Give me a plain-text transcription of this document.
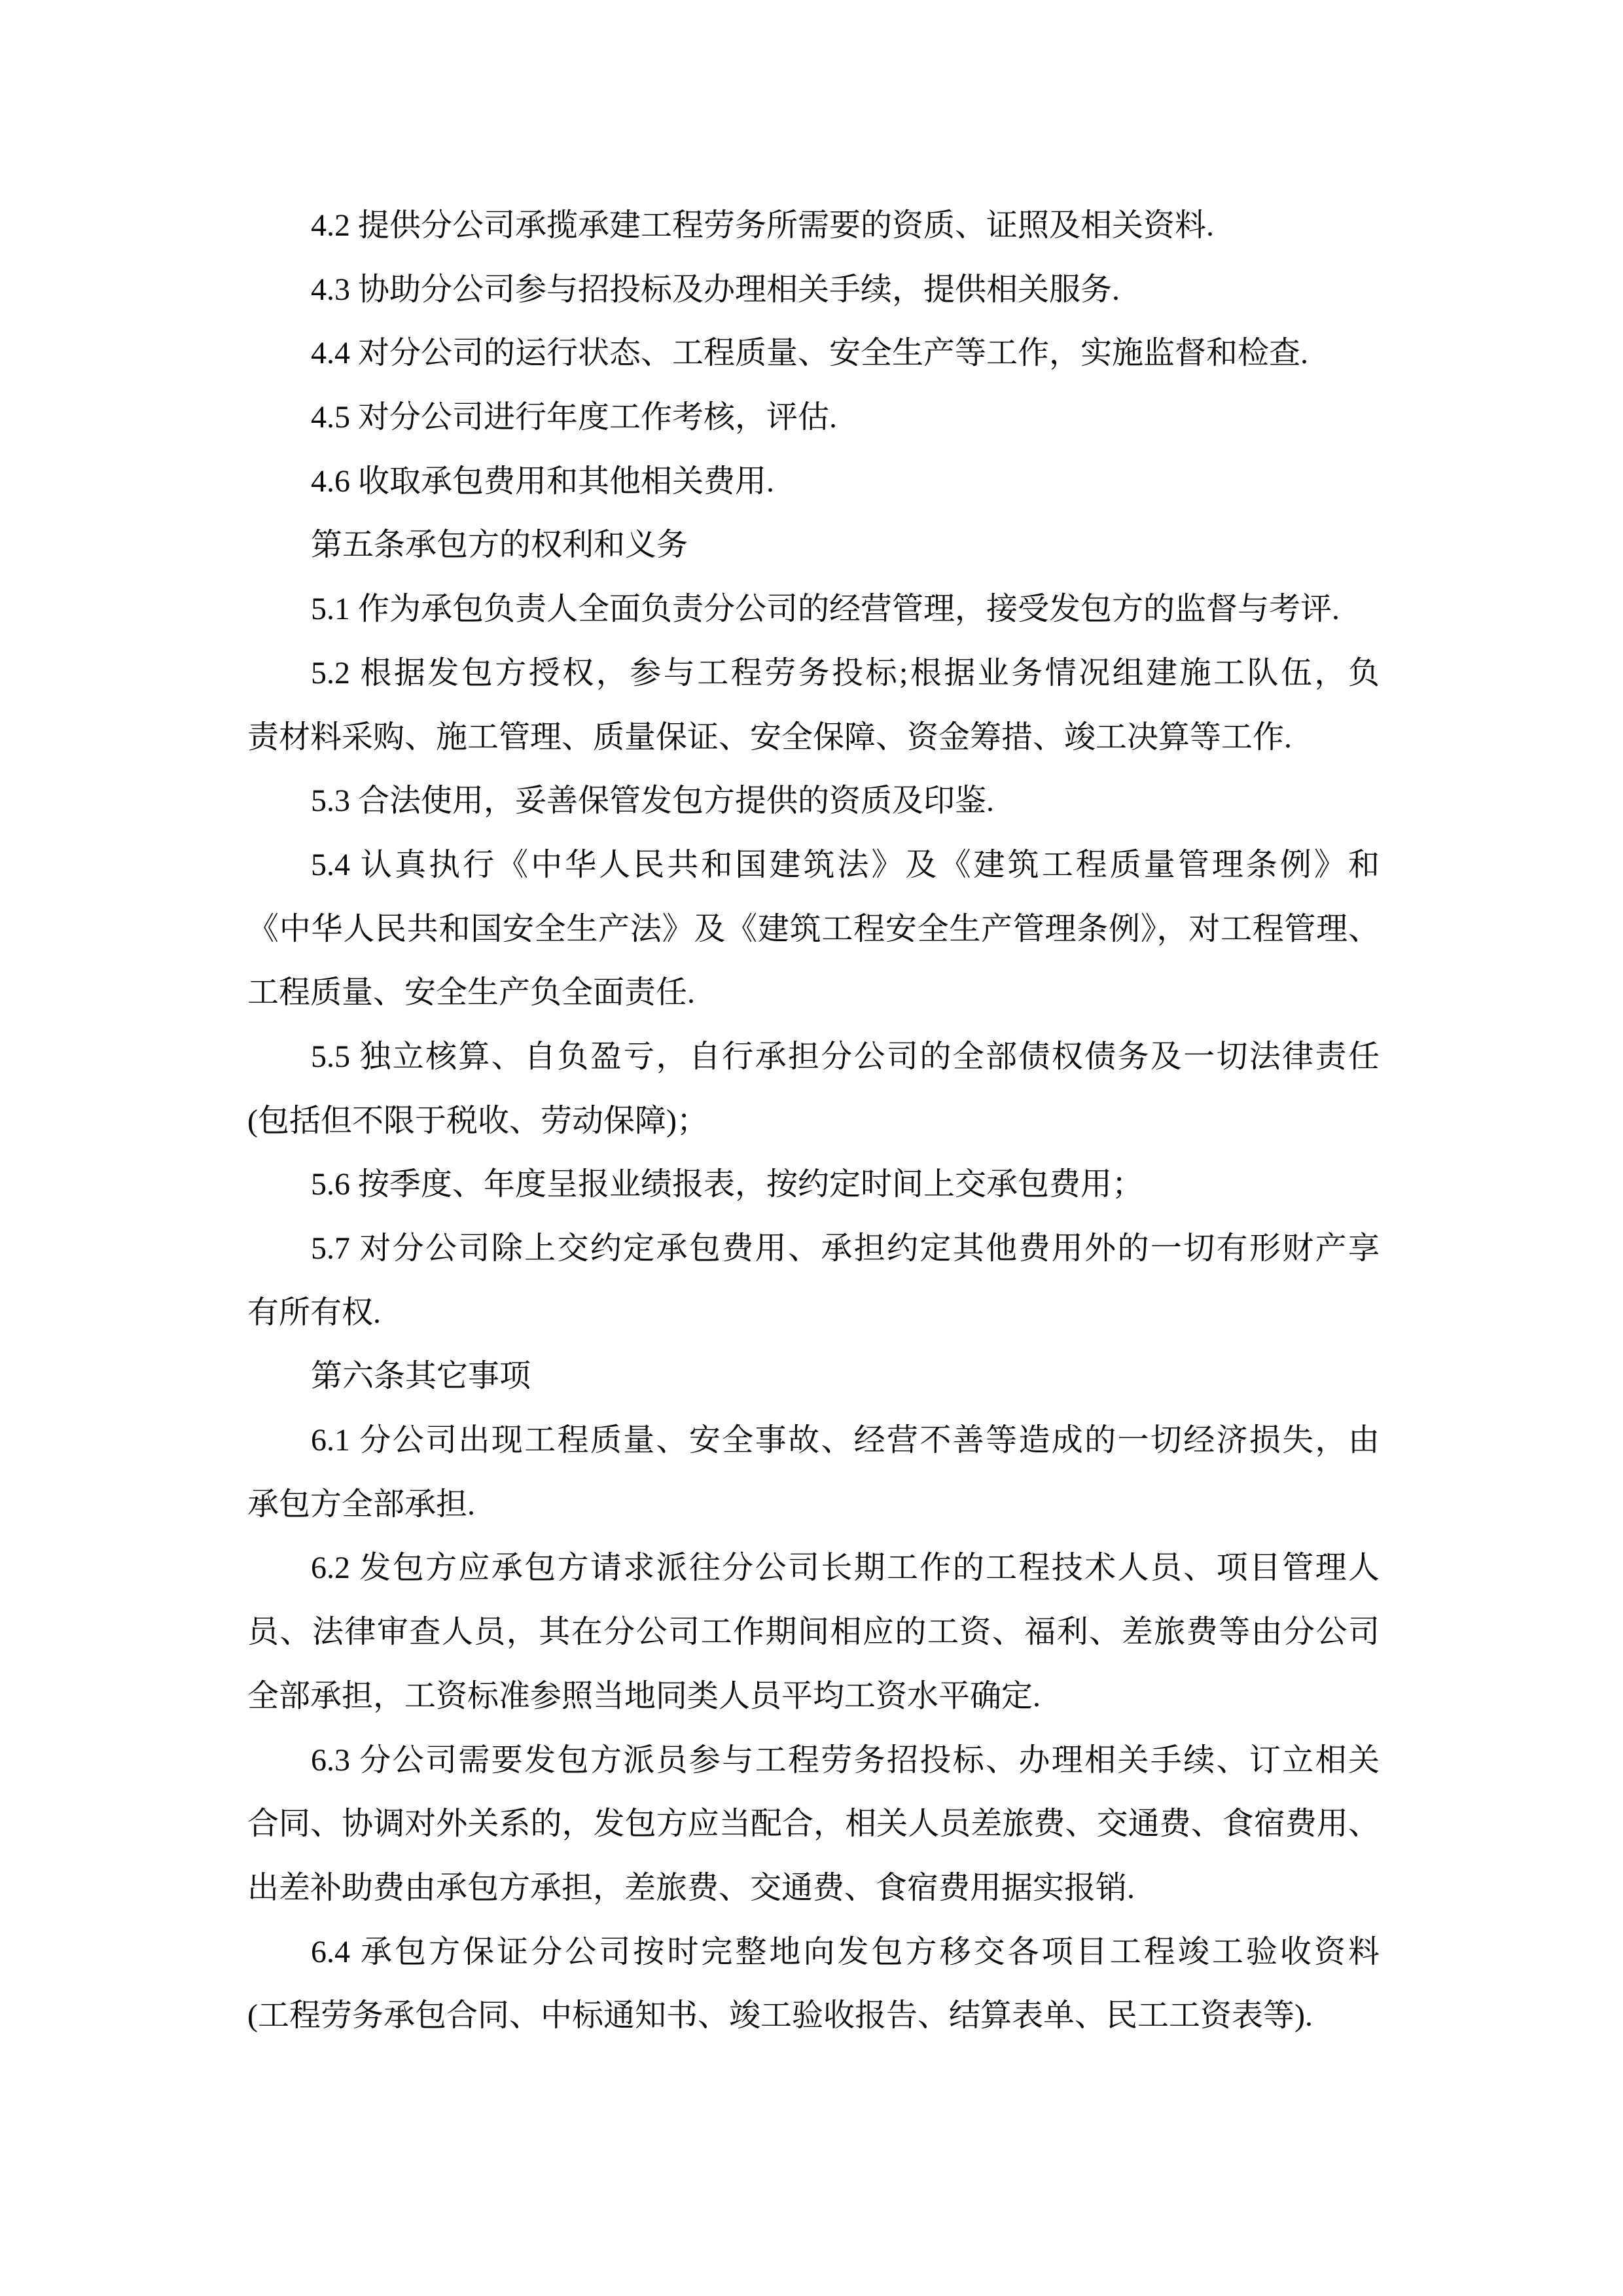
4.2 提供分公司承揽承建工程劳务所需要的资质、证照及相关资料.
4.3 协助分公司参与招投标及办理相关手续，提供相关服务.
4.4 对分公司的运行状态、工程质量、安全生产等工作，实施监督和检查.
4.5 对分公司进行年度工作考核，评估.
4.6 收取承包费用和其他相关费用.
第五条承包方的权利和义务
5.1 作为承包负责人全面负责分公司的经营管理，接受发包方的监督与考评.
5.2 根据发包方授权，参与工程劳务投标;根据业务情况组建施工队伍，负
责材料采购、施工管理、质量保证、安全保障、资金筹措、竣工决算等工作.
5.3 合法使用，妥善保管发包方提供的资质及印鉴.
5.4 认真执行《中华人民共和国建筑法》及《建筑工程质量管理条例》和
《中华人民共和国安全生产法》及《建筑工程安全生产管理条例》，对工程管理、
工程质量、安全生产负全面责任.
5.5 独立核算、自负盈亏，自行承担分公司的全部债权债务及一切法律责任
(包括但不限于税收、劳动保障)；
5.6 按季度、年度呈报业绩报表，按约定时间上交承包费用；
5.7 对分公司除上交约定承包费用、承担约定其他费用外的一切有形财产享
有所有权.
第六条其它事项
6.1 分公司出现工程质量、安全事故、经营不善等造成的一切经济损失，由
承包方全部承担.
6.2 发包方应承包方请求派往分公司长期工作的工程技术人员、项目管理人
员、法律审查人员，其在分公司工作期间相应的工资、福利、差旅费等由分公司
全部承担，工资标准参照当地同类人员平均工资水平确定.
6.3 分公司需要发包方派员参与工程劳务招投标、办理相关手续、订立相关
合同、协调对外关系的，发包方应当配合，相关人员差旅费、交通费、食宿费用、
出差补助费由承包方承担，差旅费、交通费、食宿费用据实报销.
6.4 承包方保证分公司按时完整地向发包方移交各项目工程竣工验收资料
(工程劳务承包合同、中标通知书、竣工验收报告、结算表单、民工工资表等).
